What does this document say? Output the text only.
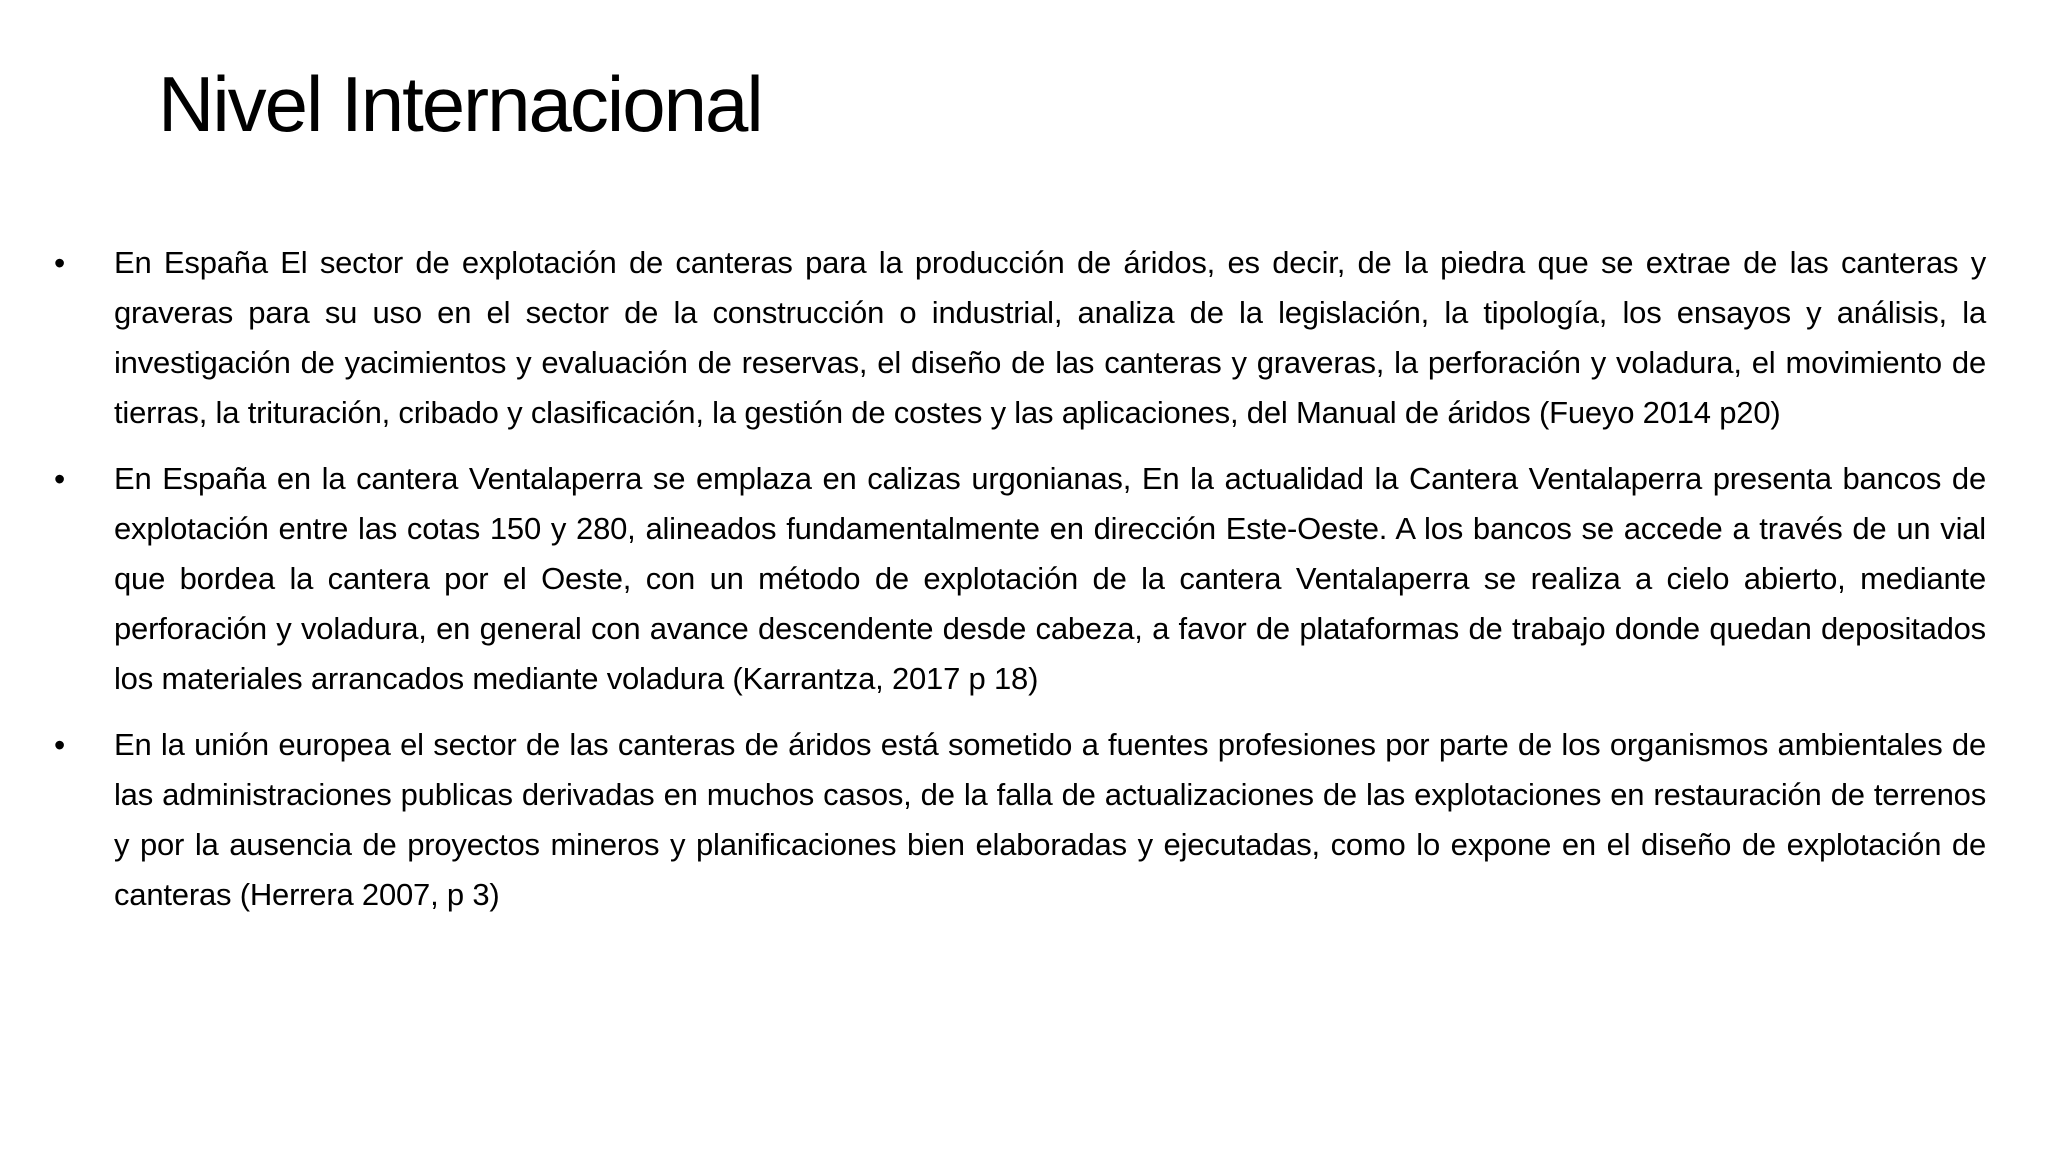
Nivel Internacional
• En España El sector de explotación de canteras para la producción de áridos, es decir, de la piedra que se extrae de las canteras y graveras para su uso en el sector de la construcción o industrial, analiza de la legislación, la tipología, los ensayos y análisis, la investigación de yacimientos y evaluación de reservas, el diseño de las canteras y graveras, la perforación y voladura, el movimiento de tierras, la trituración, cribado y clasificación, la gestión de costes y las aplicaciones, del Manual de áridos (Fueyo 2014 p20)
• En España en la cantera Ventalaperra se emplaza en calizas urgonianas, En la actualidad la Cantera Ventalaperra presenta bancos de explotación entre las cotas 150 y 280, alineados fundamentalmente en dirección Este-Oeste. A los bancos se accede a través de un vial que bordea la cantera por el Oeste, con un método de explotación de la cantera Ventalaperra se realiza a cielo abierto, mediante perforación y voladura, en general con avance descendente desde cabeza, a favor de plataformas de trabajo donde quedan depositados los materiales arrancados mediante voladura (Karrantza, 2017 p 18)
• En la unión europea el sector de las canteras de áridos está sometido a fuentes profesiones por parte de los organismos ambientales de las administraciones publicas derivadas en muchos casos, de la falla de actualizaciones de las explotaciones en restauración de terrenos y por la ausencia de proyectos mineros y planificaciones bien elaboradas y ejecutadas, como lo expone en el diseño de explotación de canteras (Herrera 2007, p 3)
